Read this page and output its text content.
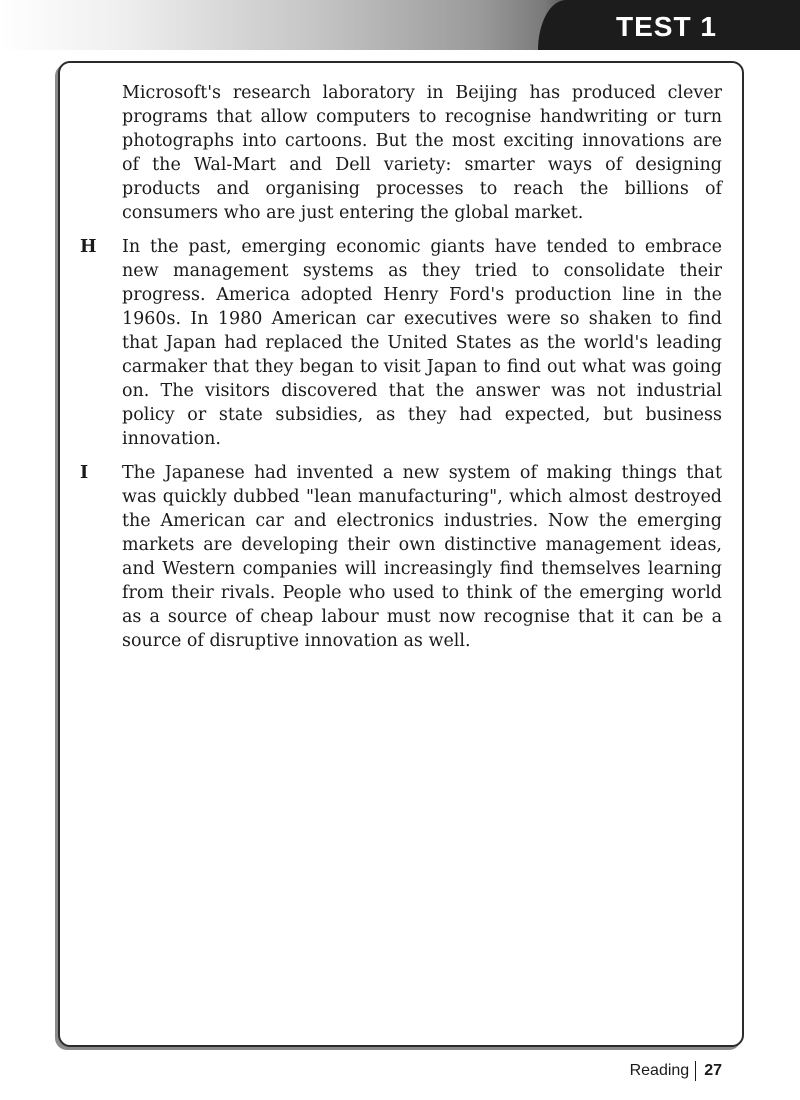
TEST 1
Microsoft's research laboratory in Beijing has produced clever programs that allow computers to recognise handwriting or turn photographs into cartoons. But the most exciting innovations are of the Wal-Mart and Dell variety: smarter ways of designing products and organising processes to reach the billions of consumers who are just entering the global market.
H	In the past, emerging economic giants have tended to embrace new management systems as they tried to consolidate their progress. America adopted Henry Ford's production line in the 1960s. In 1980 American car executives were so shaken to find that Japan had replaced the United States as the world's leading carmaker that they began to visit Japan to find out what was going on. The visitors discovered that the answer was not industrial policy or state subsidies, as they had expected, but business innovation.
I	The Japanese had invented a new system of making things that was quickly dubbed "lean manufacturing", which almost destroyed the American car and electronics industries. Now the emerging markets are developing their own distinctive management ideas, and Western companies will increasingly find themselves learning from their rivals. People who used to think of the emerging world as a source of cheap labour must now recognise that it can be a source of disruptive innovation as well.
Reading 27
